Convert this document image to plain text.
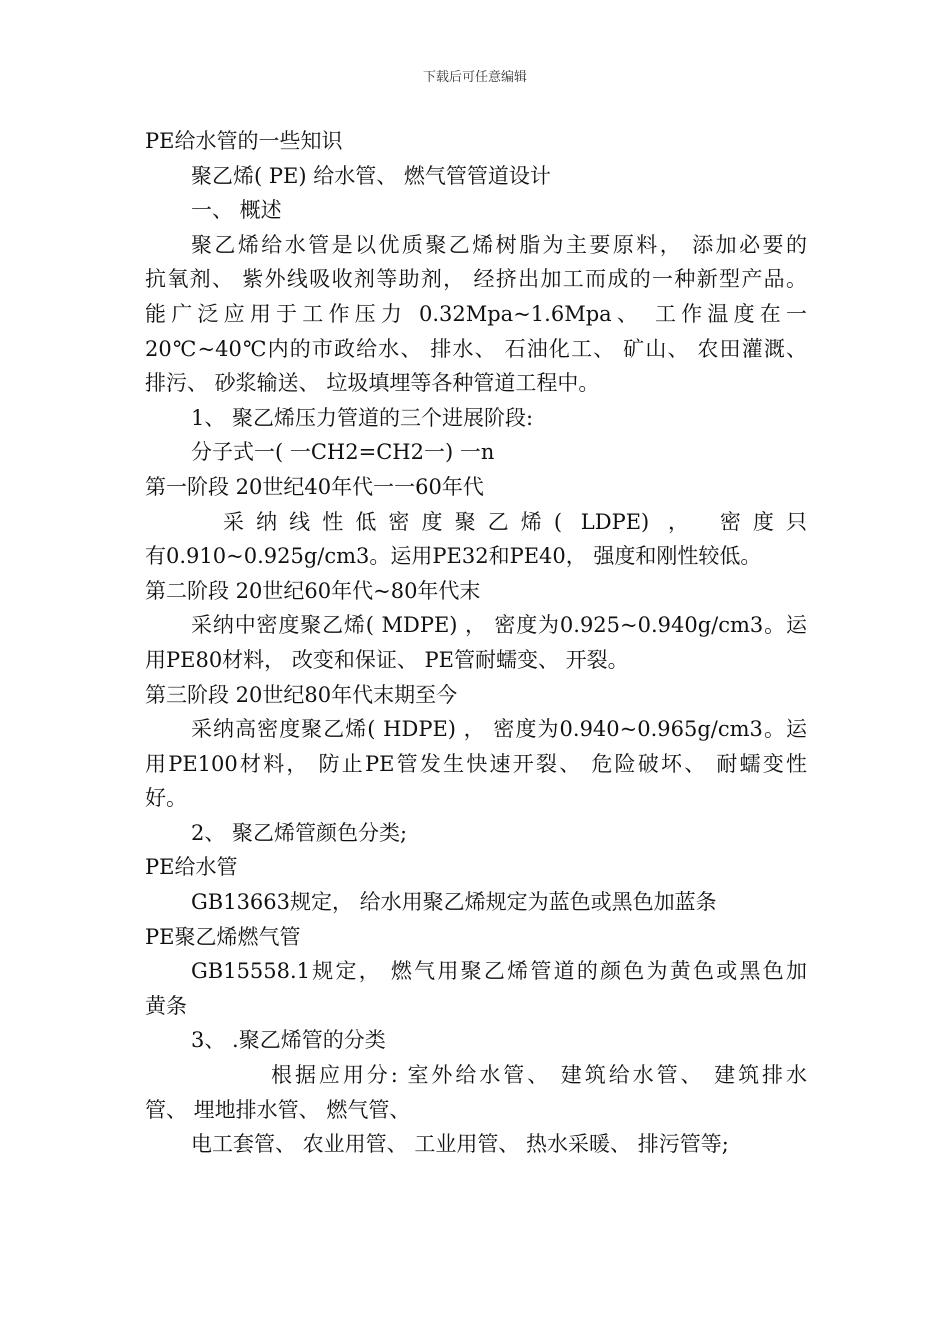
下载后可任意编辑

PE给水管的一些知识

聚乙烯( PE) 给水管、 燃气管管道设计

一、 概述

聚乙烯给水管是以优质聚乙烯树脂为主要原料， 添加必要的

抗氧剂、 紫外线吸收剂等助剂， 经挤出加工而成的一种新型产品。

能广泛应用于工作压力 0.32Mpa~1.6Mpa、 工作温度在一

20℃~40℃内的市政给水、 排水、 石油化工、 矿山、 农田灌溉、

排污、 砂浆输送、 垃圾填埋等各种管道工程中。

1、 聚乙烯压力管道的三个进展阶段:

分子式一( 一CH2=CH2一) 一n

第一阶段 20世纪40年代一一60年代

采纳线性低密度聚乙烯( LDPE) ， 密度只

有0.910~0.925g/cm3。运用PE32和PE40， 强度和刚性较低。

第二阶段 20世纪60年代~80年代末

采纳中密度聚乙烯( MDPE) ， 密度为0.925~0.940g/cm3。运

用PE80材料， 改变和保证、 PE管耐蠕变、 开裂。

第三阶段 20世纪80年代末期至今

采纳高密度聚乙烯( HDPE) ， 密度为0.940~0.965g/cm3。运

用PE100材料， 防止PE管发生快速开裂、 危险破坏、 耐蠕变性

好。

2、 聚乙烯管颜色分类;

PE给水管

GB13663规定， 给水用聚乙烯规定为蓝色或黑色加蓝条

PE聚乙烯燃气管

GB15558.1规定， 燃气用聚乙烯管道的颜色为黄色或黑色加

黄条

3、 .聚乙烯管的分类

根据应用分: 室外给水管、 建筑给水管、 建筑排水

管、 埋地排水管、 燃气管、

电工套管、 农业用管、 工业用管、 热水采暖、 排污管等;
